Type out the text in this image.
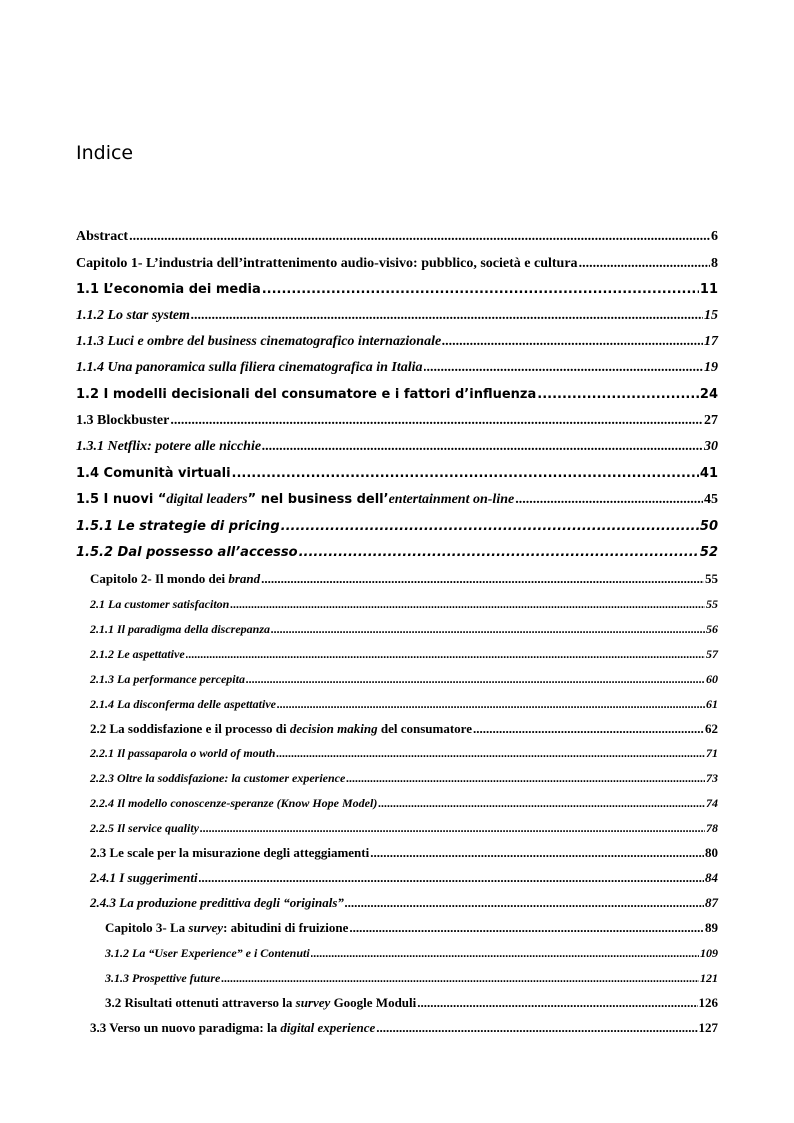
Indice
Abstract .....	6
Capitolo 1- L’industria dell’intrattenimento audio-visivo: pubblico, società e cultura .....	8
1.1 L’economia dei media .....	11
1.1.2 Lo star system .....	15
1.1.3 Luci e ombre del business cinematografico internazionale .....	17
1.1.4 Una panoramica sulla filiera cinematografica in Italia .....	19
1.2 I modelli decisionali del consumatore e i fattori d’influenza .....	24
1.3 Blockbuster .....	27
1.3.1 Netflix: potere alle nicchie .....	30
1.4 Comunità virtuali .....	41
1.5 I nuovi “digital leaders” nel business dell’entertainment on-line .....	45
1.5.1 Le strategie di pricing .....	50
1.5.2 Dal possesso all’accesso .....	52
Capitolo 2- Il mondo dei brand .....	55
2.1 La customer satisfaciton .....	55
2.1.1 Il paradigma della discrepanza .....	56
2.1.2 Le aspettative .....	57
2.1.3 La performance percepita .....	60
2.1.4 La disconferma delle aspettative .....	61
2.2 La soddisfazione e il processo di decision making del consumatore .....	62
2.2.1 Il passaparola o world of mouth .....	71
2.2.3 Oltre la soddisfazione: la customer experience .....	73
2.2.4 Il modello conoscenze-speranze (Know Hope Model) .....	74
2.2.5 Il service quality .....	78
2.3 Le scale per la misurazione degli atteggiamenti .....	80
2.4.1 I suggerimenti .....	84
2.4.3 La produzione predittiva degli “originals” .....	87
Capitolo 3- La survey: abitudini di fruizione .....	89
3.1.2 La “User Experience” e i Contenuti .....	109
3.1.3 Prospettive future .....	121
3.2 Risultati ottenuti attraverso la survey Google Moduli .....	126
3.3 Verso un nuovo paradigma: la digital experience .....	127
